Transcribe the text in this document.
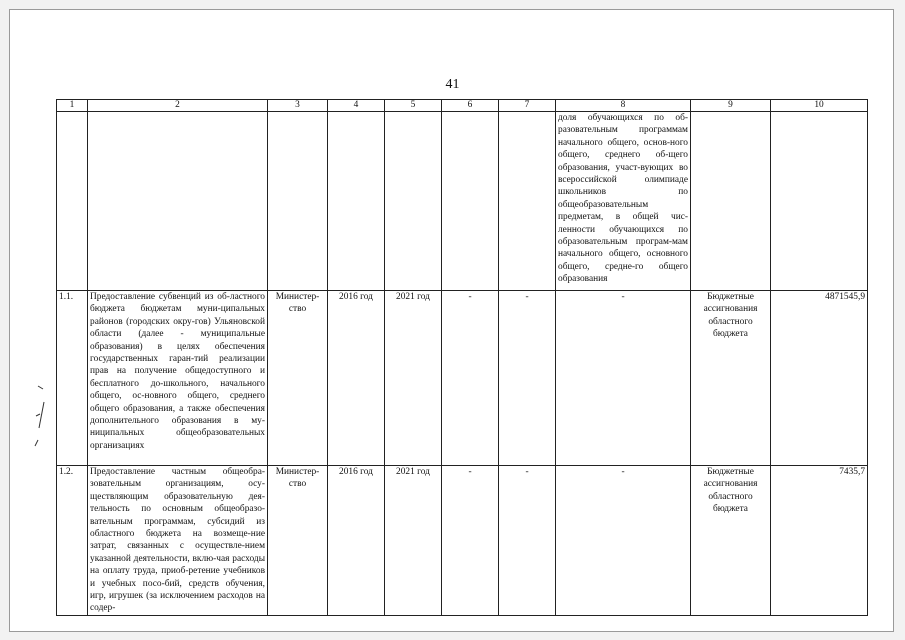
41
1	2	3	4	5	6	7	8	9	10
							доля обучающихся по об-разовательным программам начального общего, основ-ного общего, среднего об-щего образования, участ-вующих во всероссийской олимпиаде школьников по общеобразовательным предметам, в общей чис-ленности обучающихся по образовательным програм-мам начального общего, основного общего, средне-го общего образования		
1.1.	Предоставление субвенций из об-ластного бюджета бюджетам муни-ципальных районов (городских окру-гов) Ульяновской области (далее - муниципальные образования) в целях обеспечения государственных гаран-тий реализации прав на получение общедоступного и бесплатного до-школьного, начального общего, ос-новного общего, среднего общего образования, а также обеспечения дополнительного образования в му-ниципальных общеобразовательных организациях	Министер-ство	2016 год	2021 год	-	-	-	Бюджетные ассигнования областного бюджета	4871545,9
1.2.	Предоставление частным общеобра-зовательным организациям, осу-ществляющим образовательную дея-тельность по основным общеобразо-вательным программам, субсидий из областного бюджета на возмеще-ние затрат, связанных с осуществле-нием указанной деятельности, вклю-чая расходы на оплату труда, приоб-ретение учебников и учебных посо-бий, средств обучения, игр, игрушек (за исключением расходов на содер-	Министер-ство	2016 год	2021 год	-	-	-	Бюджетные ассигнования областного бюджета	7435,7
